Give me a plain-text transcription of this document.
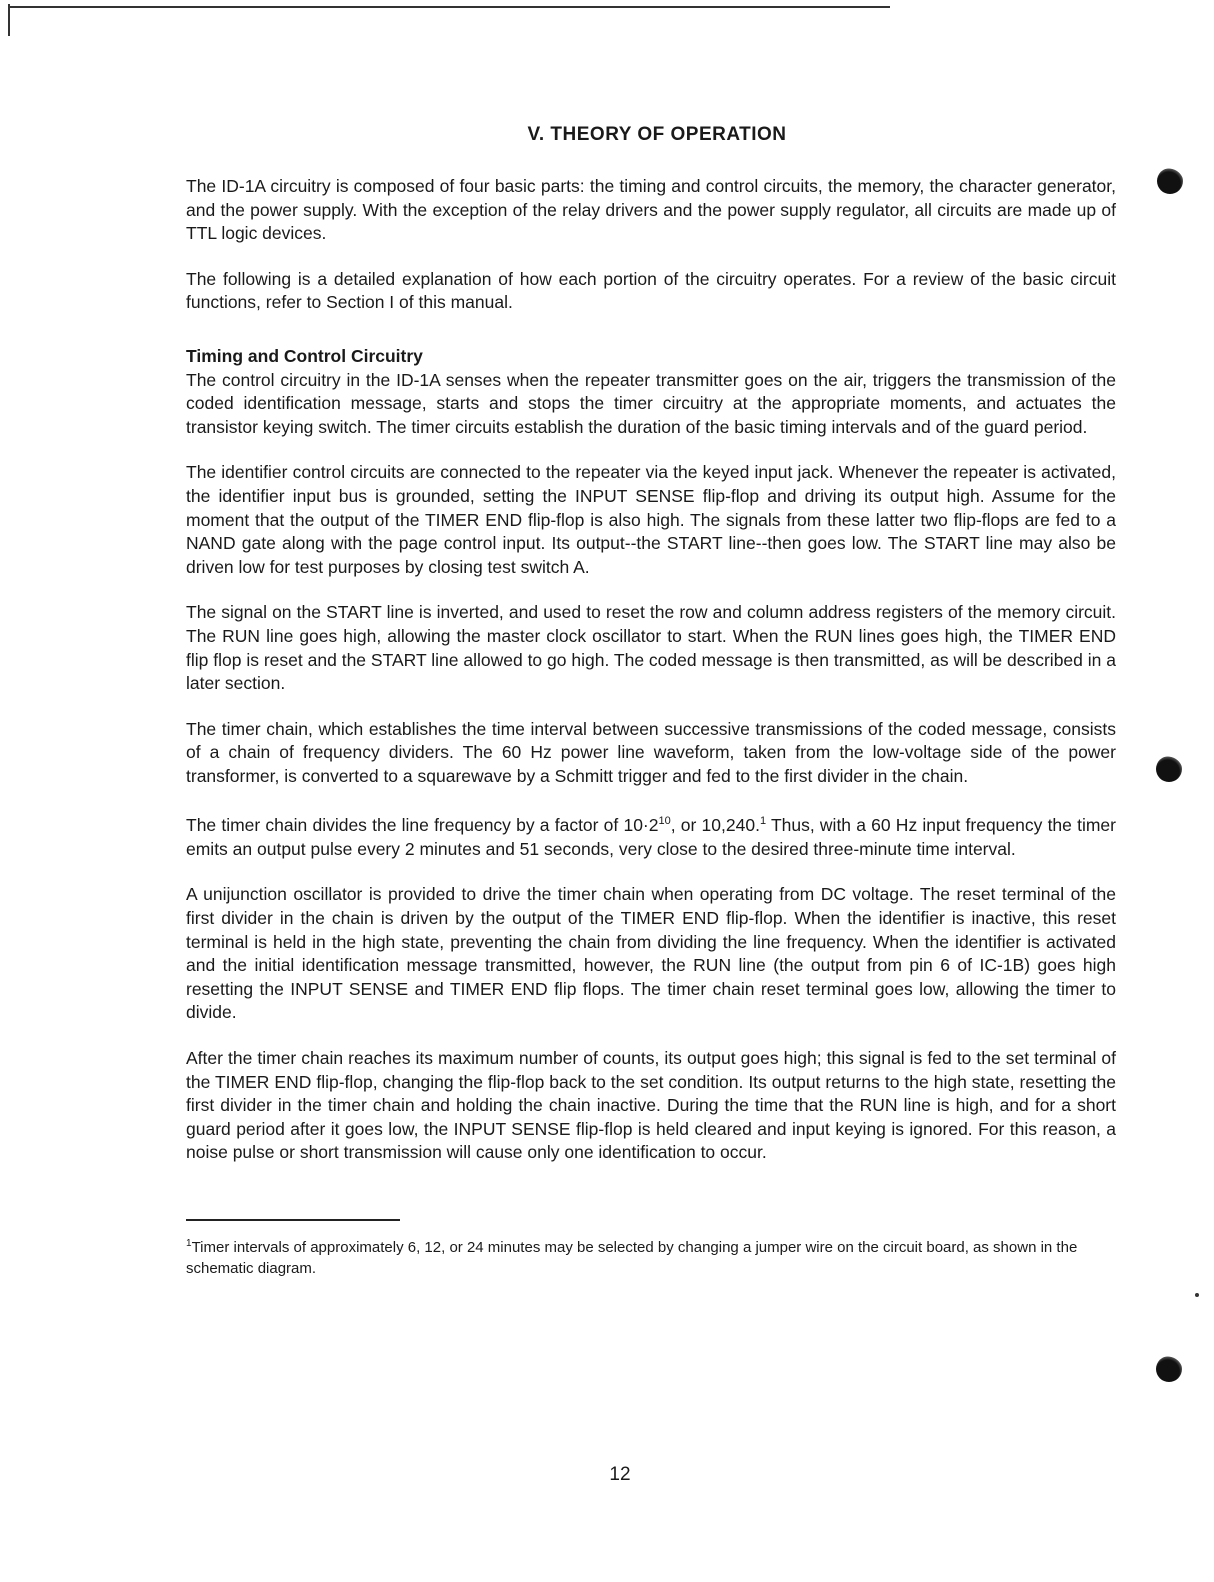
V. THEORY OF OPERATION

The ID-1A circuitry is composed of four basic parts: the timing and control circuits, the memory, the character generator, and the power supply. With the exception of the relay drivers and the power supply regulator, all circuits are made up of TTL logic devices.

The following is a detailed explanation of how each portion of the circuitry operates. For a review of the basic circuit functions, refer to Section I of this manual.

Timing and Control Circuitry

The control circuitry in the ID-1A senses when the repeater transmitter goes on the air, triggers the transmission of the coded identification message, starts and stops the timer circuitry at the appropriate moments, and actuates the transistor keying switch. The timer circuits establish the duration of the basic timing intervals and of the guard period.

The identifier control circuits are connected to the repeater via the keyed input jack. Whenever the repeater is activated, the identifier input bus is grounded, setting the INPUT SENSE flip-flop and driving its output high. Assume for the moment that the output of the TIMER END flip-flop is also high. The signals from these latter two flip-flops are fed to a NAND gate along with the page control input. Its output--the START line--then goes low. The START line may also be driven low for test purposes by closing test switch A.

The signal on the START line is inverted, and used to reset the row and column address registers of the memory circuit. The RUN line goes high, allowing the master clock oscillator to start. When the RUN lines goes high, the TIMER END flip flop is reset and the START line allowed to go high. The coded message is then transmitted, as will be described in a later section.

The timer chain, which establishes the time interval between successive transmissions of the coded message, consists of a chain of frequency dividers. The 60 Hz power line waveform, taken from the low-voltage side of the power transformer, is converted to a squarewave by a Schmitt trigger and fed to the first divider in the chain.

The timer chain divides the line frequency by a factor of $10\cdot 2^{10}$, or 10,240.$^1$ Thus, with a 60 Hz input frequency the timer emits an output pulse every 2 minutes and 51 seconds, very close to the desired three-minute time interval.

A unijunction oscillator is provided to drive the timer chain when operating from DC voltage. The reset terminal of the first divider in the chain is driven by the output of the TIMER END flip-flop. When the identifier is inactive, this reset terminal is held in the high state, preventing the chain from dividing the line frequency. When the identifier is activated and the initial identification message transmitted, however, the RUN line (the output from pin 6 of IC-1B) goes high resetting the INPUT SENSE and TIMER END flip flops. The timer chain reset terminal goes low, allowing the timer to divide.

After the timer chain reaches its maximum number of counts, its output goes high; this signal is fed to the set terminal of the TIMER END flip-flop, changing the flip-flop back to the set condition. Its output returns to the high state, resetting the first divider in the timer chain and holding the chain inactive. During the time that the RUN line is high, and for a short guard period after it goes low, the INPUT SENSE flip-flop is held cleared and input keying is ignored. For this reason, a noise pulse or short transmission will cause only one identification to occur.

$^1$Timer intervals of approximately 6, 12, or 24 minutes may be selected by changing a jumper wire on the circuit board, as shown in the schematic diagram.

12
